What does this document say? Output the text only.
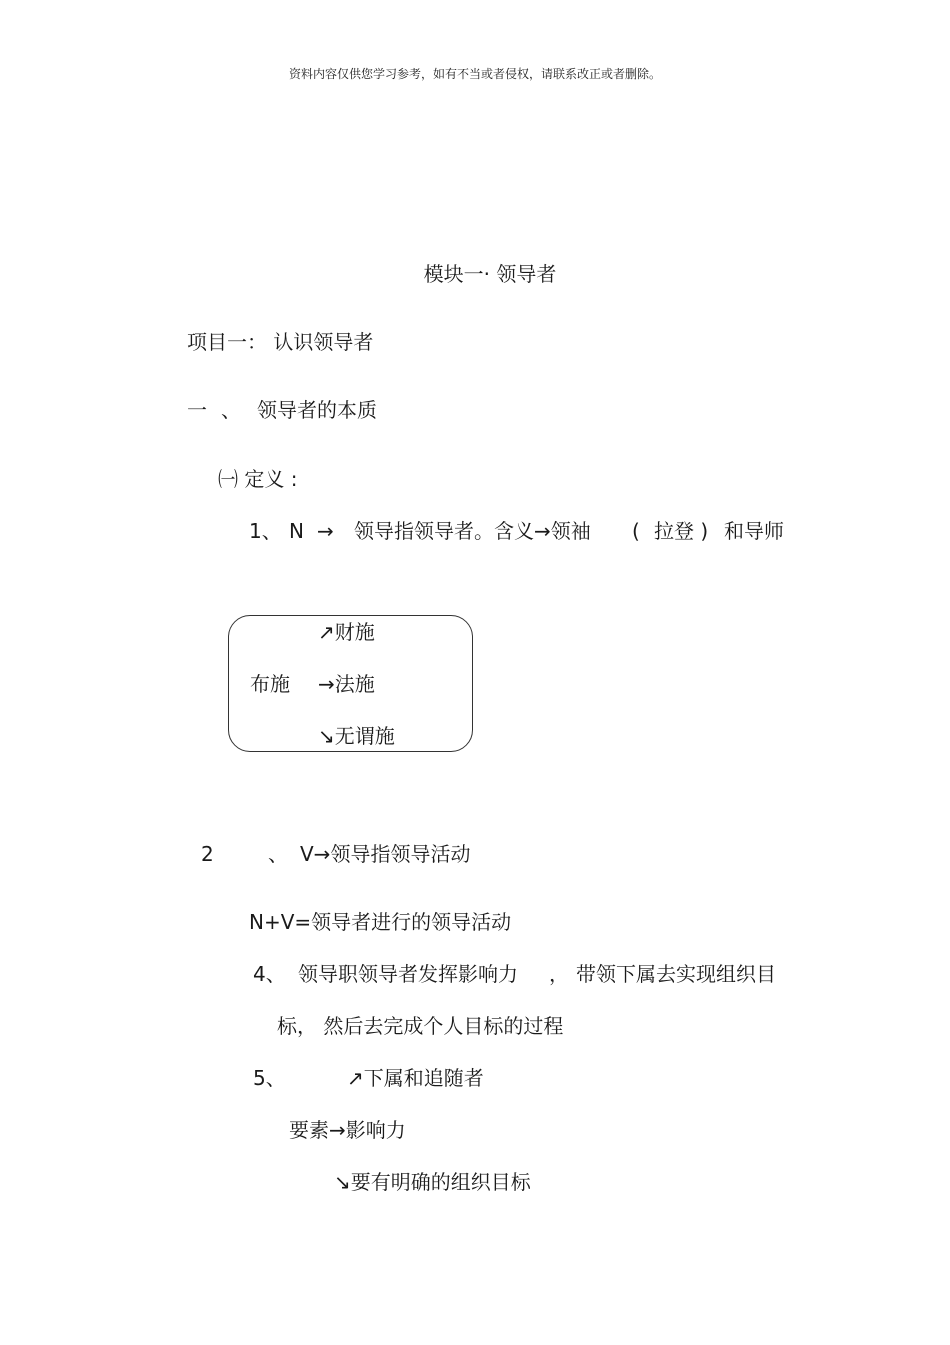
资料内容仅供您学习参考，如有不当或者侵权，请联系改正或者删除。
模块一· 领导者
项目一： 认识领导者
一 、 领导者的本质
㈠ 定义 :
1、 N → 领导指领导者。含义→领袖 ( 拉登 ) 和导师
↗财施
布施 →法施
↘无谓施
2	、 V→领导指领导活动
N+V=领导者进行的领导活动
4、 领导职领导者发挥影响力 ， 带领下属去实现组织目
标， 然后去完成个人目标的过程
5、	↗下属和追随者
要素→影响力
↘要有明确的组织目标
